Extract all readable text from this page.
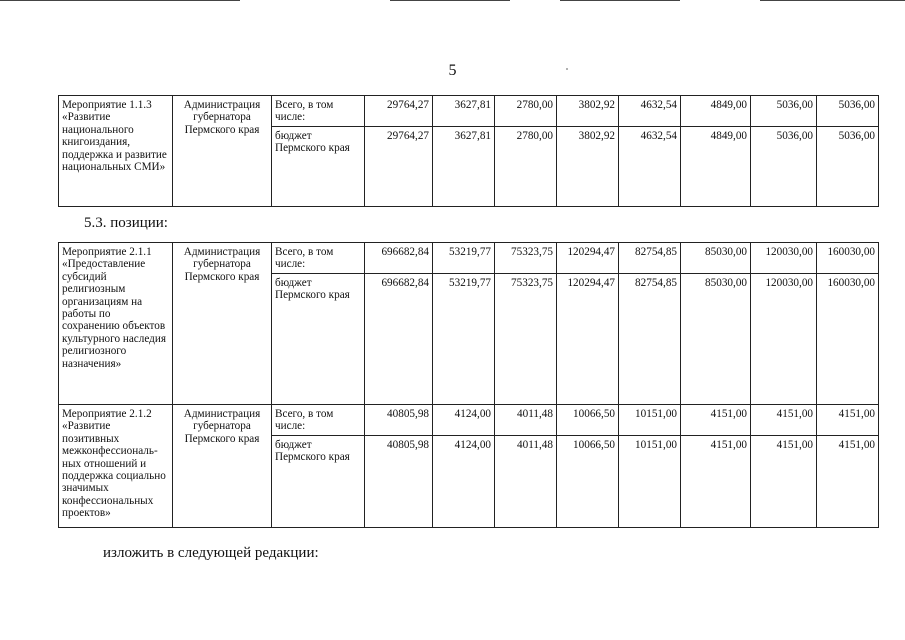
5
Мероприятие 1.1.3 «Развитие национального книгоиздания, поддержка и развитие национальных СМИ»	Администрация губернатора Пермского края	Всего, в том числе:	29764,27	3627,81	2780,00	3802,92	4632,54	4849,00	5036,00	5036,00
		бюджет Пермского края	29764,27	3627,81	2780,00	3802,92	4632,54	4849,00	5036,00	5036,00
5.3. позиции:
Мероприятие 2.1.1 «Предоставление субсидий религиозным организациям на работы по сохранению объектов культурного наследия религиозного назначения»	Администрация губернатора Пермского края	Всего, в том числе:	696682,84	53219,77	75323,75	120294,47	82754,85	85030,00	120030,00	160030,00
		бюджет Пермского края	696682,84	53219,77	75323,75	120294,47	82754,85	85030,00	120030,00	160030,00
Мероприятие 2.1.2 «Развитие позитивных межконфессиональ-ных отношений и поддержка социально значимых конфессиональных проектов»	Администрация губернатора Пермского края	Всего, в том числе:	40805,98	4124,00	4011,48	10066,50	10151,00	4151,00	4151,00	4151,00
		бюджет Пермского края	40805,98	4124,00	4011,48	10066,50	10151,00	4151,00	4151,00	4151,00
изложить в следующей редакции:
